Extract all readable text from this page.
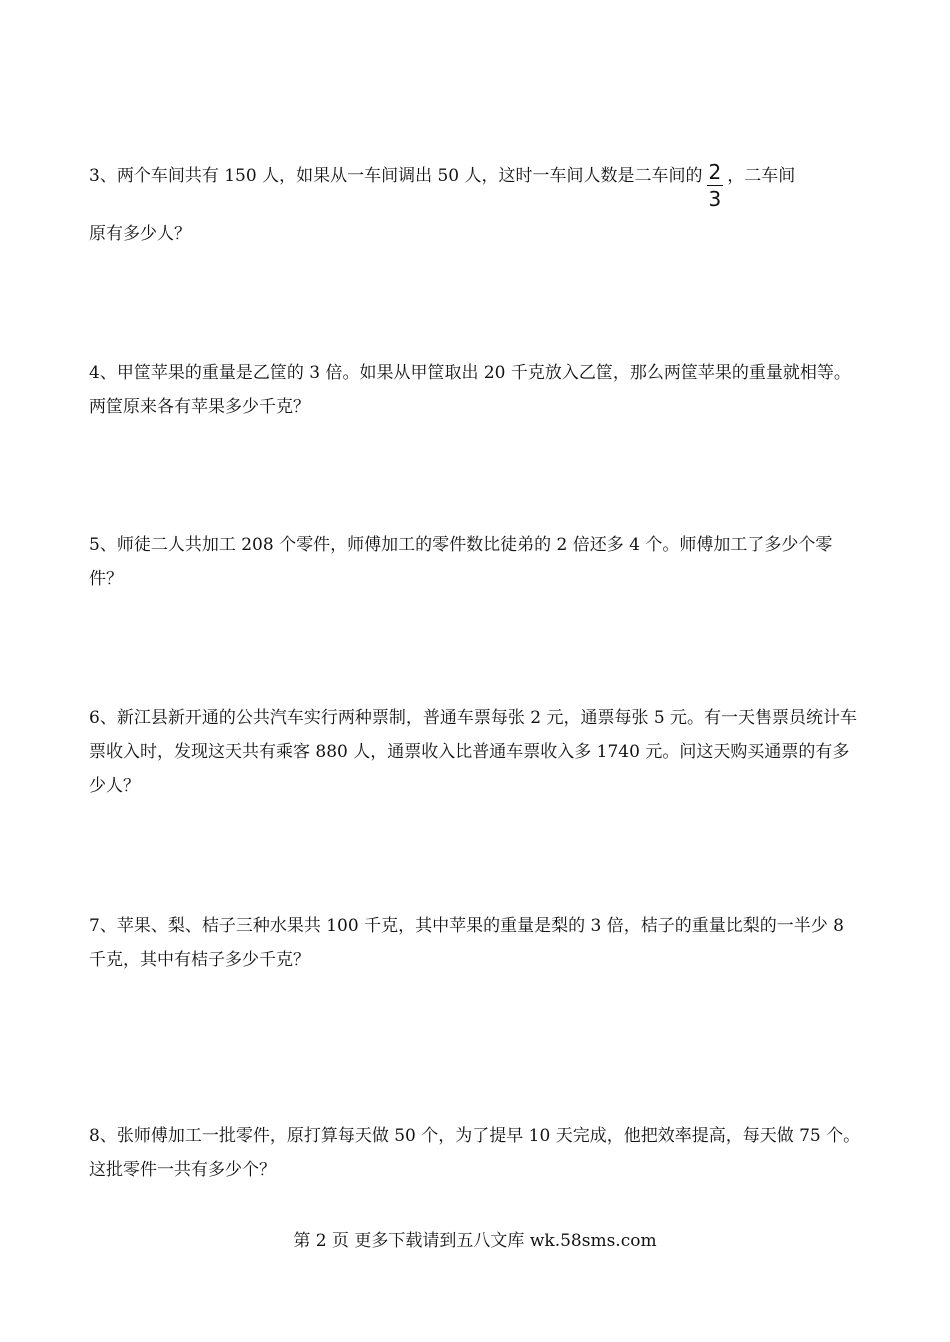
3、两个车间共有 150 人，如果从一车间调出 50 人，这时一车间人数是二车间的 $\frac{2}{3}$ ，二车间

原有多少人？

4、甲筐苹果的重量是乙筐的 3 倍。如果从甲筐取出 20 千克放入乙筐，那么两筐苹果的重量就相等。两筐原来各有苹果多少千克？

5、师徒二人共加工 208 个零件，师傅加工的零件数比徒弟的 2 倍还多 4 个。师傅加工了多少个零件？

6、新江县新开通的公共汽车实行两种票制，普通车票每张 2 元，通票每张 5 元。有一天售票员统计车票收入时，发现这天共有乘客 880 人，通票收入比普通车票收入多 1740 元。问这天购买通票的有多少人？

7、苹果、梨、桔子三种水果共 100 千克，其中苹果的重量是梨的 3 倍，桔子的重量比梨的一半少 8 千克，其中有桔子多少千克？

8、张师傅加工一批零件，原打算每天做 50 个，为了提早 10 天完成，他把效率提高，每天做 75 个。这批零件一共有多少个？

第 2 页 更多下载请到五八文库 wk.58sms.com
